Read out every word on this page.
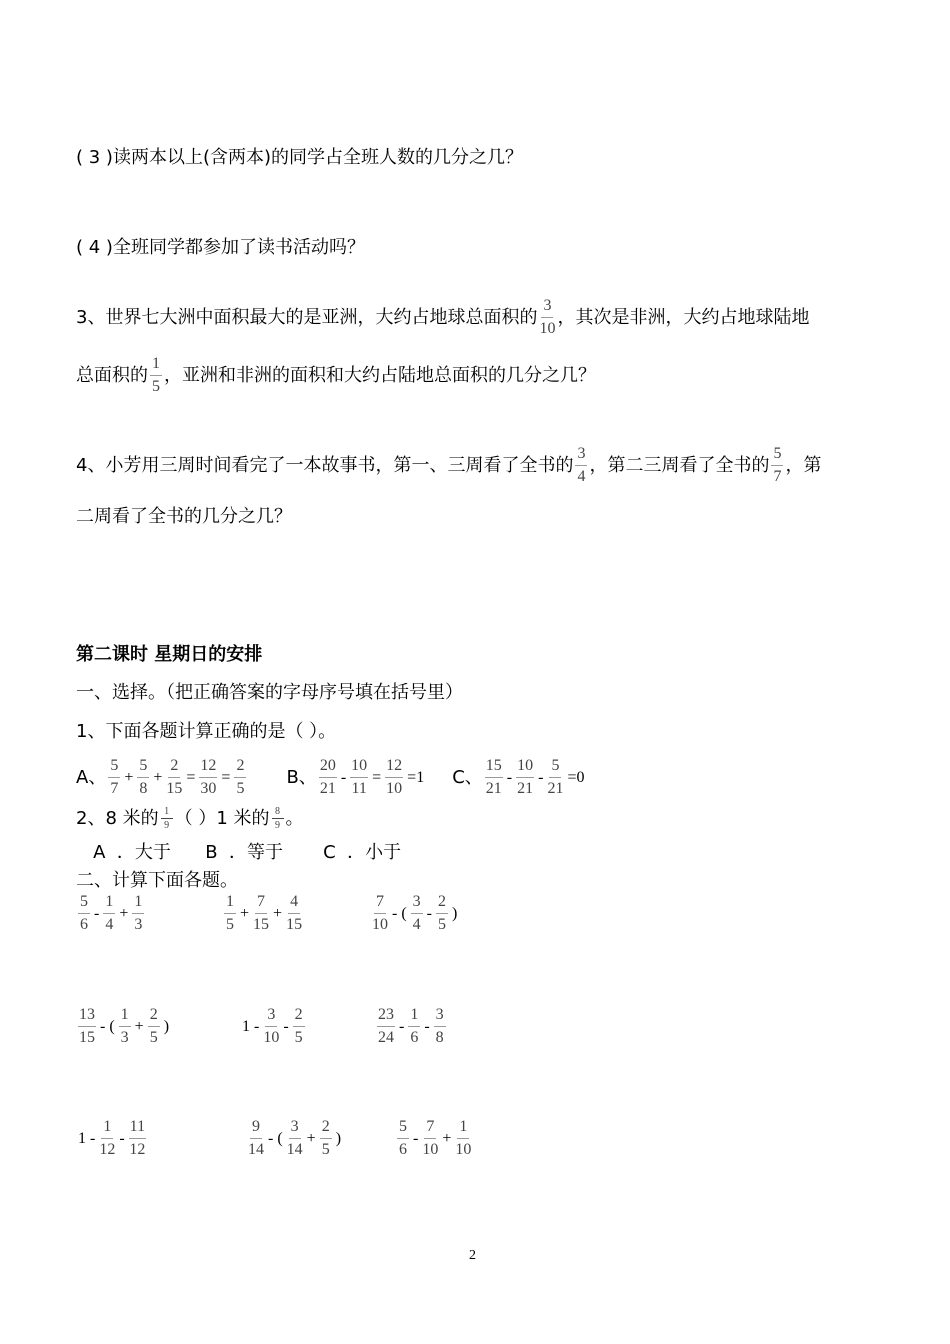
( 3 )读两本以上(含两本)的同学占全班人数的几分之几？
( 4 )全班同学都参加了读书活动吗？
3、世界七大洲中面积最大的是亚洲，大约占地球总面积的
3
10
，其次是非洲，大约占地球陆地
总面积的
1
5
，亚洲和非洲的面积和大约占陆地总面积的几分之几？
4、小芳用三周时间看完了一本故事书，第一、三周看了全书的
3
4
，第二三周看了全书的
5
7
，第
二周看了全书的几分之几？
第二课时 星期日的安排
一、选择。（把正确答案的字母序号填在括号里）
1、下面各题计算正确的是（ ）。
A、 $\frac{5}{7} + \frac{5}{8} + \frac{2}{15} = \frac{12}{30} = \frac{2}{5}$ B、 $\frac{20}{21} - \frac{10}{11} = \frac{12}{10} =1$ C、 $\frac{15}{21} - \frac{10}{21} - \frac{5}{21} =0$
2、8 米的 1
9 （ ）1 米的 8
9 。
A  ．大于      B  ．等于       C  ．小于
二、计算下面各题。
$\frac{5}{6} - \frac{1}{4} + \frac{1}{3}$	$\frac{1}{5} + \frac{7}{15} + \frac{4}{15}$	$\frac{7}{10}$ - ( $\frac{3}{4} - \frac{2}{5}$ )
$\frac{13}{15}$ - ( $\frac{1}{3} + \frac{2}{5}$ )	$1 - \frac{3}{10} - \frac{2}{5}$	$\frac{23}{24} - \frac{1}{6} - \frac{3}{8}$
$1 - \frac{1}{12} - \frac{11}{12}$	$\frac{9}{14}$ - ( $\frac{3}{14} + \frac{2}{5}$ )	$\frac{5}{6} - \frac{7}{10} + \frac{1}{10}$
2
